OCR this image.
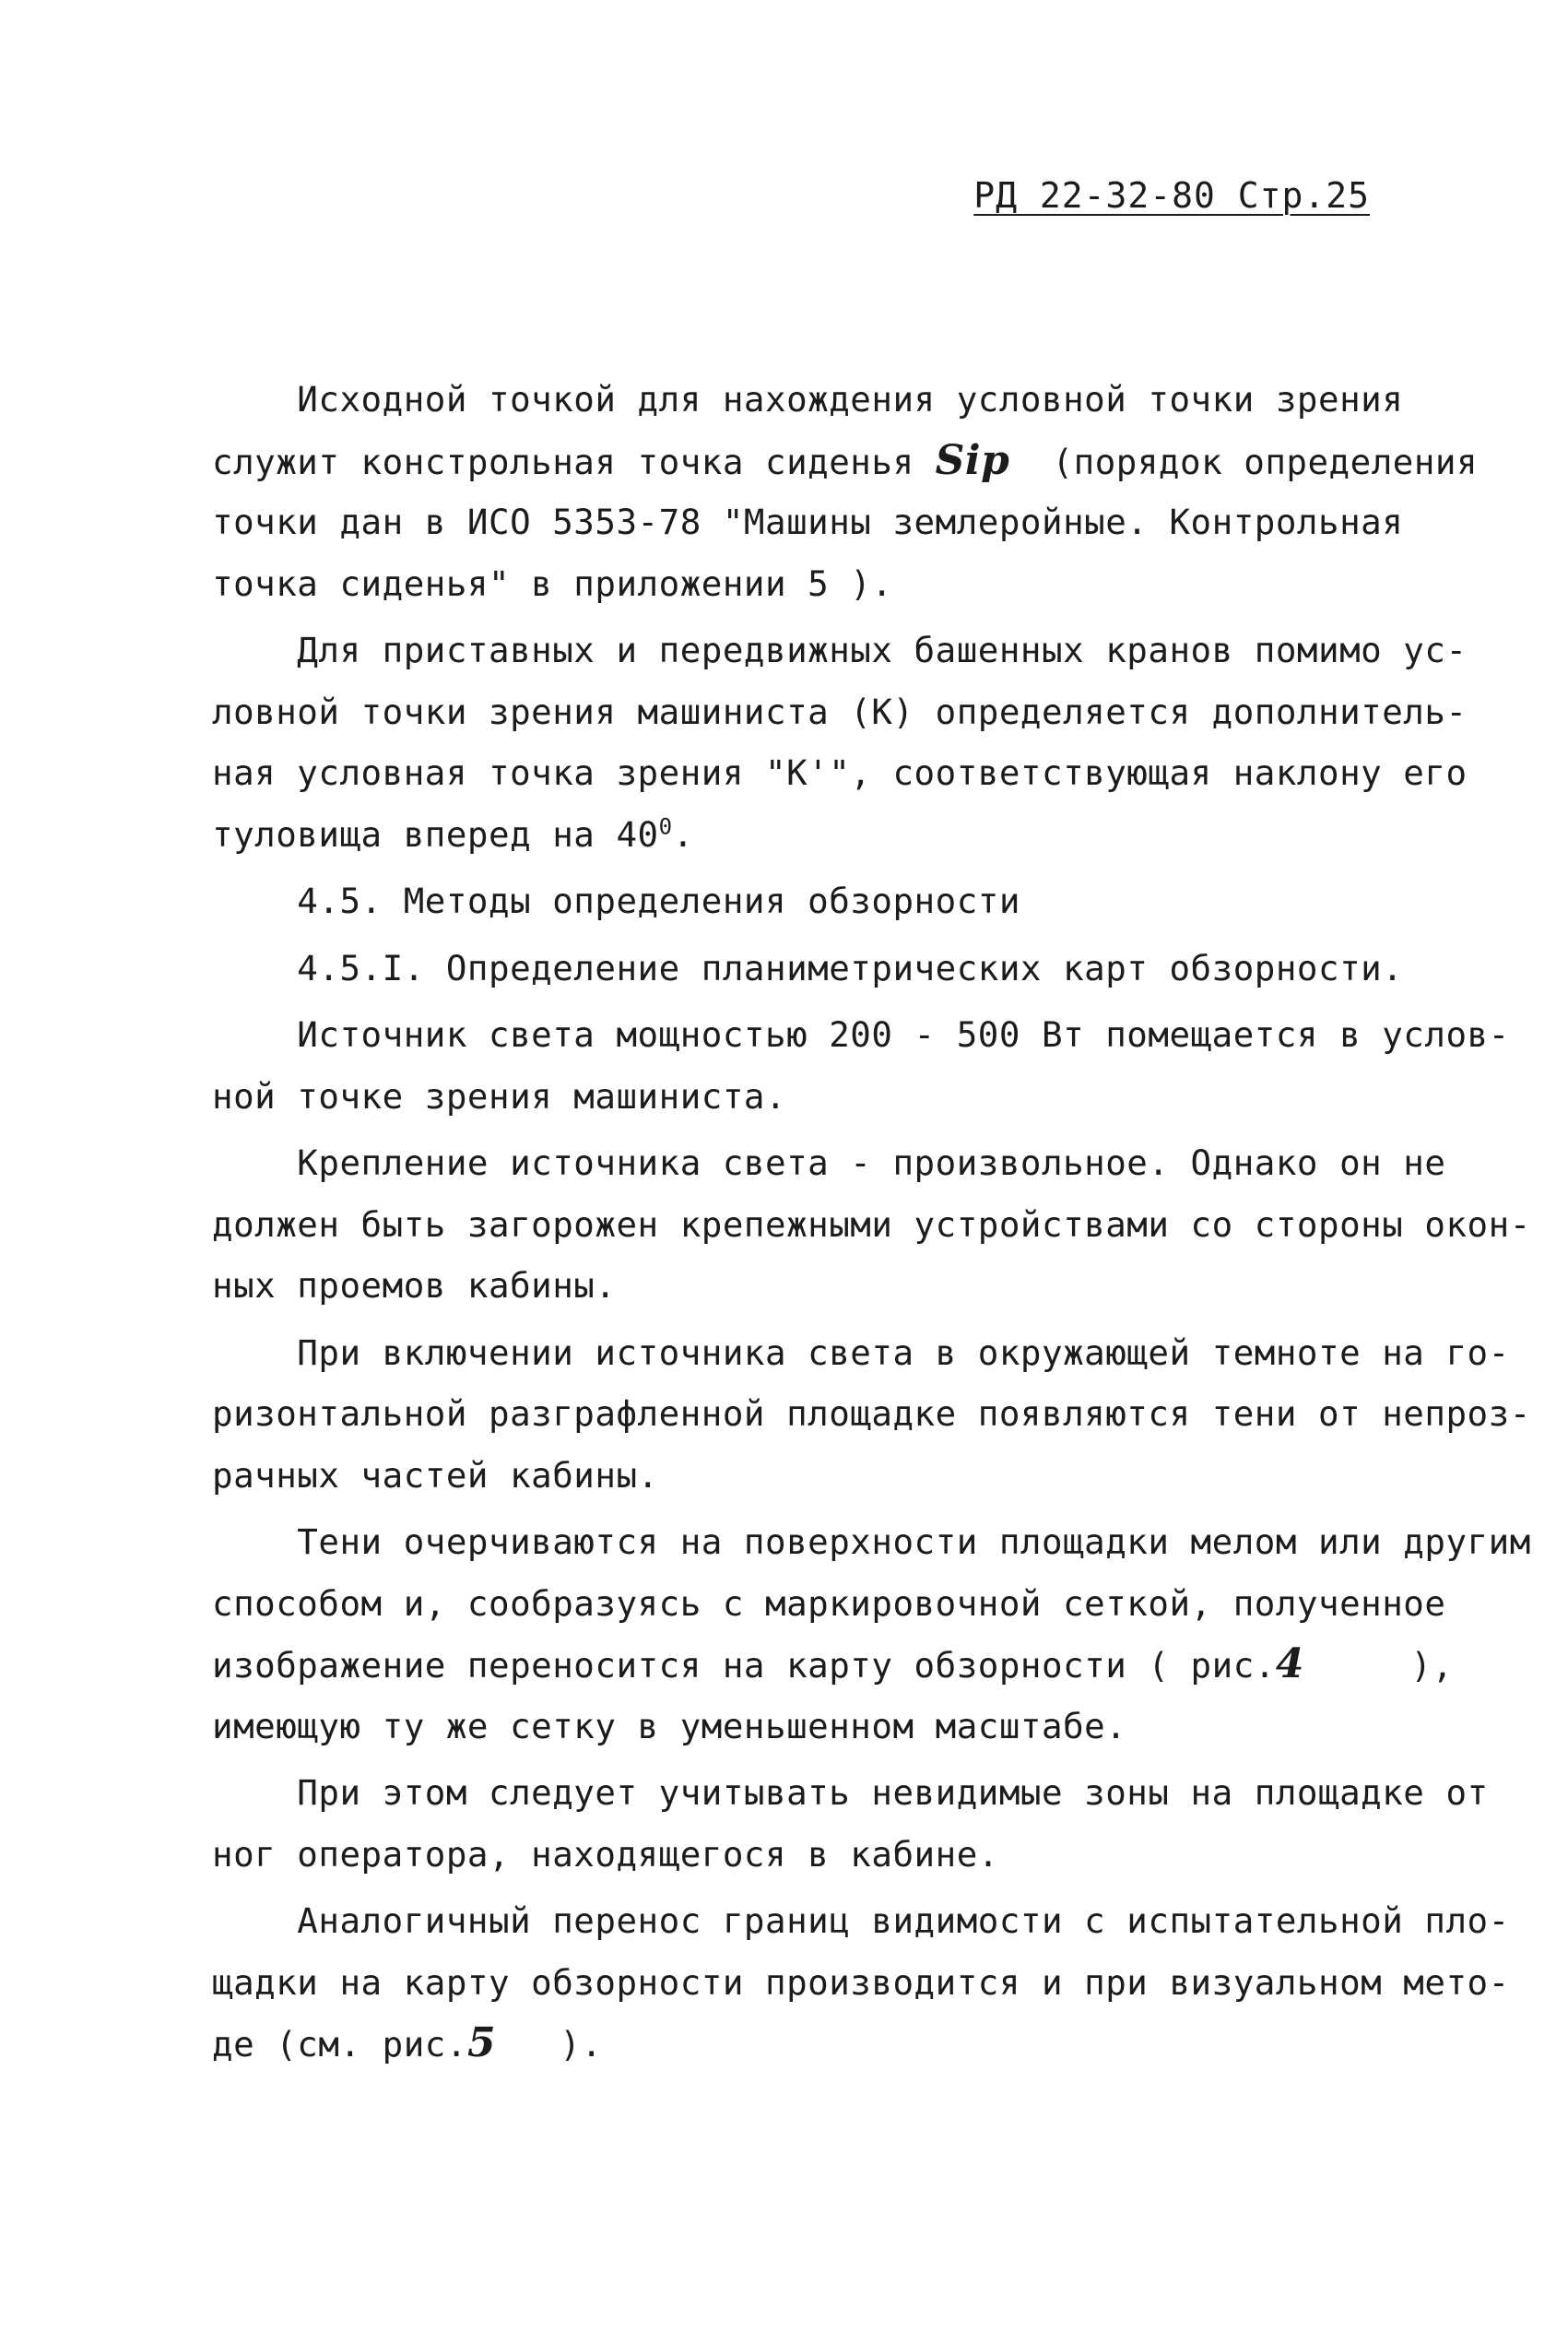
РД 22-32-80 Стр.25
Исходной точкой для нахождения условной точки зрения
служит констрольная точка сиденья Sip  (порядок определения
точки дан в ИСО 5353-78 "Машины землеройные. Контрольная
точка сиденья" в приложении 5 ).
Для приставных и передвижных башенных кранов помимо ус-
ловной точки зрения машиниста (К) определяется дополнитель-
ная условная точка зрения "К'", соответствующая наклону его
туловища вперед на $40^0$.
4.5. Методы определения обзорности
4.5.I. Определение планиметрических карт обзорности.
Источник света мощностью 200 - 500 Вт помещается в услов-
ной точке зрения машиниста.
Крепление источника света - произвольное. Однако он не
должен быть загорожен крепежными устройствами со стороны окон-
ных проемов кабины.
При включении источника света в окружающей темноте на го-
ризонтальной разграфленной площадке появляются тени от непроз-
рачных частей кабины.
Тени очерчиваются на поверхности площадки мелом или другим
способом и, сообразуясь с маркировочной сеткой, полученное
изображение переносится на карту обзорности ( рис.4     ),
имеющую ту же сетку в уменьшенном масштабе.
При этом следует учитывать невидимые зоны на площадке от
ног оператора, находящегося в кабине.
Аналогичный перенос границ видимости с испытательной пло-
щадки на карту обзорности производится и при визуальном мето-
де (см. рис.5   ).
